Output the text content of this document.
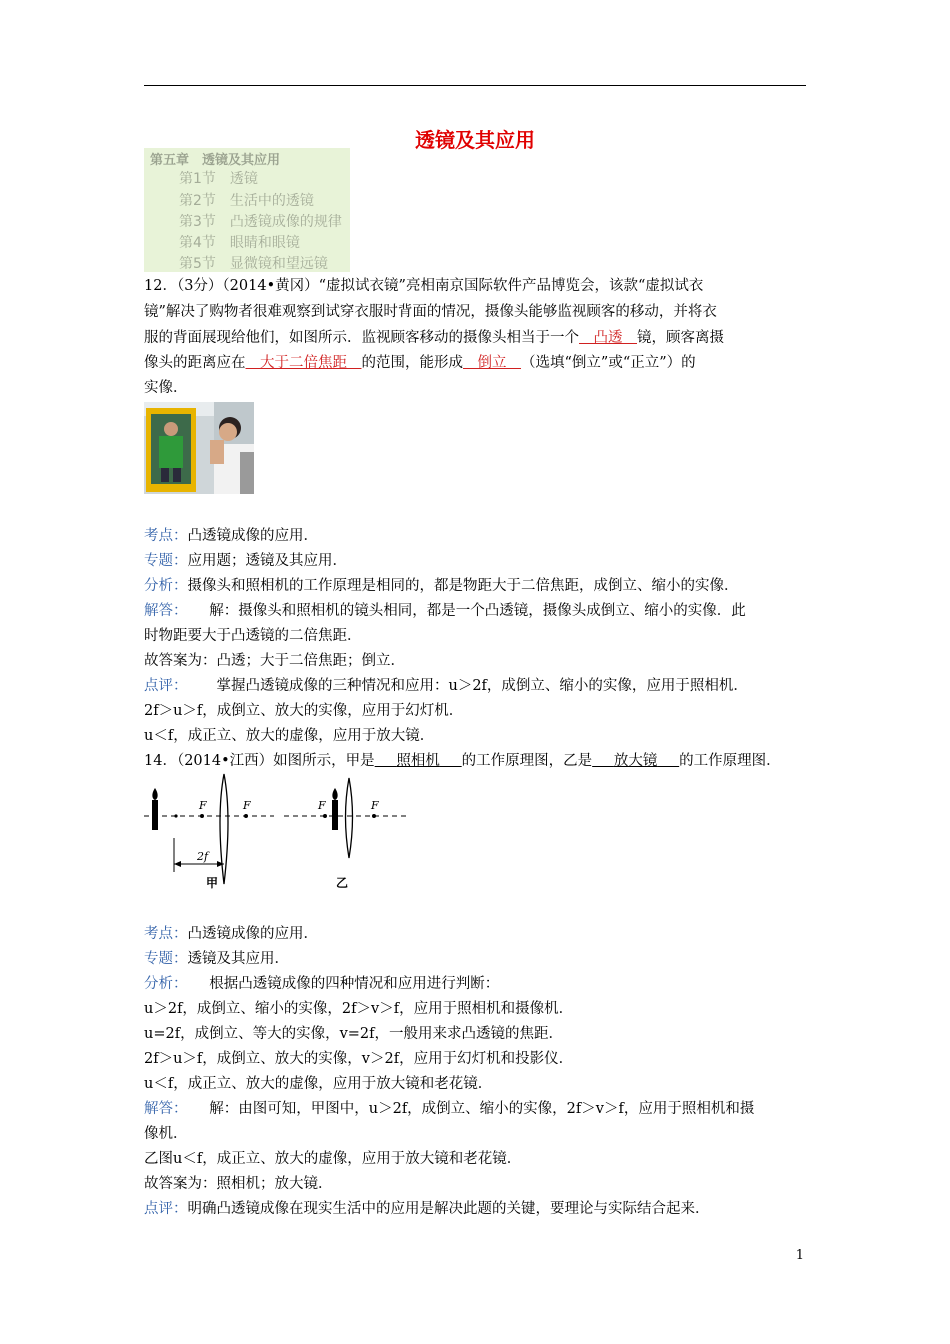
透镜及其应用
第五章　透镜及其应用
第1节　透镜
第2节　生活中的透镜
第3节　凸透镜成像的规律
第4节　眼睛和眼镜
第5节　显微镜和望远镜
12．（3分）（2014•黄冈）“虚拟试衣镜”亮相南京国际软件产品博览会，该款“虚拟试衣
镜”解决了购物者很难观察到试穿衣服时背面的情况，摄像头能够监视顾客的移动，并将衣
服的背面展现给他们，如图所示．监视顾客移动的摄像头相当于一个   凸透   镜，顾客离摄
像头的距离应在   大于二倍焦距   的范围，能形成   倒立   （选填“倒立”或“正立”）的
实像．
考点：凸透镜成像的应用．
专题：应用题；透镜及其应用．
分析：摄像头和照相机的工作原理是相同的，都是物距大于二倍焦距，成倒立、缩小的实像．
解答：    解：摄像头和照相机的镜头相同，都是一个凸透镜，摄像头成倒立、缩小的实像．此
时物距要大于凸透镜的二倍焦距．
故答案为：凸透；大于二倍焦距；倒立．
点评：     掌握凸透镜成像的三种情况和应用：u＞2f，成倒立、缩小的实像，应用于照相机．
2f＞u＞f，成倒立、放大的实像，应用于幻灯机．
u＜f，成正立、放大的虚像，应用于放大镜．
14．（2014•江西）如图所示，甲是    照相机    的工作原理图，乙是    放大镜    的工作原理图．
F	F
2f
甲
F	F
乙
考点：凸透镜成像的应用．
专题：透镜及其应用．
分析：    根据凸透镜成像的四种情况和应用进行判断：
u＞2f，成倒立、缩小的实像，2f＞v＞f，应用于照相机和摄像机．
u=2f，成倒立、等大的实像，v=2f，一般用来求凸透镜的焦距．
2f＞u＞f，成倒立、放大的实像，v＞2f，应用于幻灯机和投影仪．
u＜f，成正立、放大的虚像，应用于放大镜和老花镜．
解答：    解：由图可知，甲图中，u＞2f，成倒立、缩小的实像，2f＞v＞f，应用于照相机和摄
像机．
乙图u＜f，成正立、放大的虚像，应用于放大镜和老花镜．
故答案为：照相机；放大镜．
点评：明确凸透镜成像在现实生活中的应用是解决此题的关键，要理论与实际结合起来．
1
